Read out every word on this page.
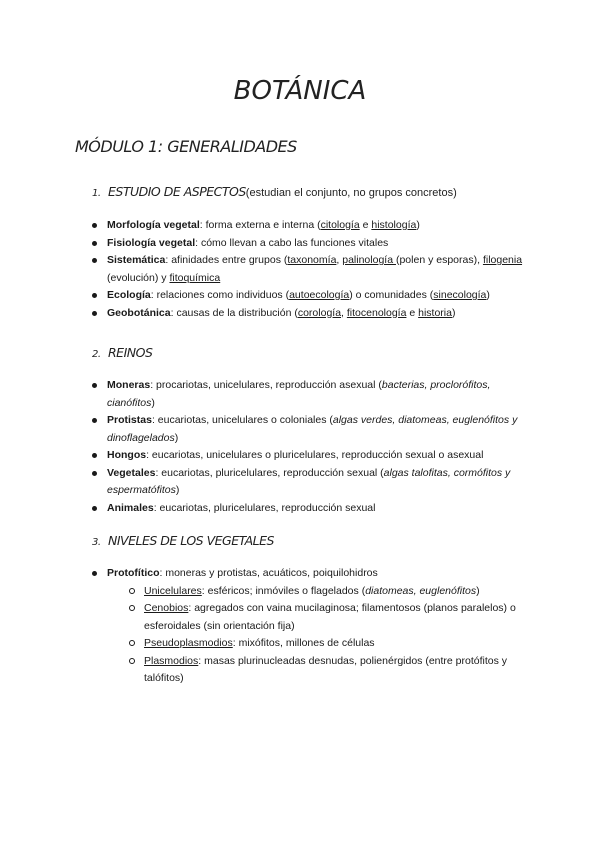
BOTÁNICA
MÓDULO 1: GENERALIDADES
1. ESTUDIO DE ASPECTOS(estudian el conjunto, no grupos concretos)
Morfología vegetal: forma externa e interna (citología e histología)
Fisiología vegetal: cómo llevan a cabo las funciones vitales
Sistemática: afinidades entre grupos (taxonomía, palinología (polen y esporas), filogenia (evolución) y fitoquímica
Ecología: relaciones como individuos (autoecología) o comunidades (sinecología)
Geobotánica: causas de la distribución (corología, fitocenología e historia)
2. REINOS
Moneras: procariotas, unicelulares, reproducción asexual (bacterias, proclorófitos, cianófitos)
Protistas: eucariotas, unicelulares o coloniales (algas verdes, diatomeas, euglenófitos y dinoflagelados)
Hongos: eucariotas, unicelulares o pluricelulares, reproducción sexual o asexual
Vegetales: eucariotas, pluricelulares, reproducción sexual (algas talofitas, cormófitos y espermatófitos)
Animales: eucariotas, pluricelulares, reproducción sexual
3. NIVELES DE LOS VEGETALES
Protofítico: moneras y protistas, acuáticos, poiquilohidros
Unicelulares: esféricos; inmóviles o flagelados (diatomeas, euglenófitos)
Cenobios: agregados con vaina mucilaginosa; filamentosos (planos paralelos) o esferoidales (sin orientación fija)
Pseudoplasmodios: mixófitos, millones de células
Plasmodios: masas plurinucleadas desnudas, polienérgidos (entre protófitos y talófitos)
